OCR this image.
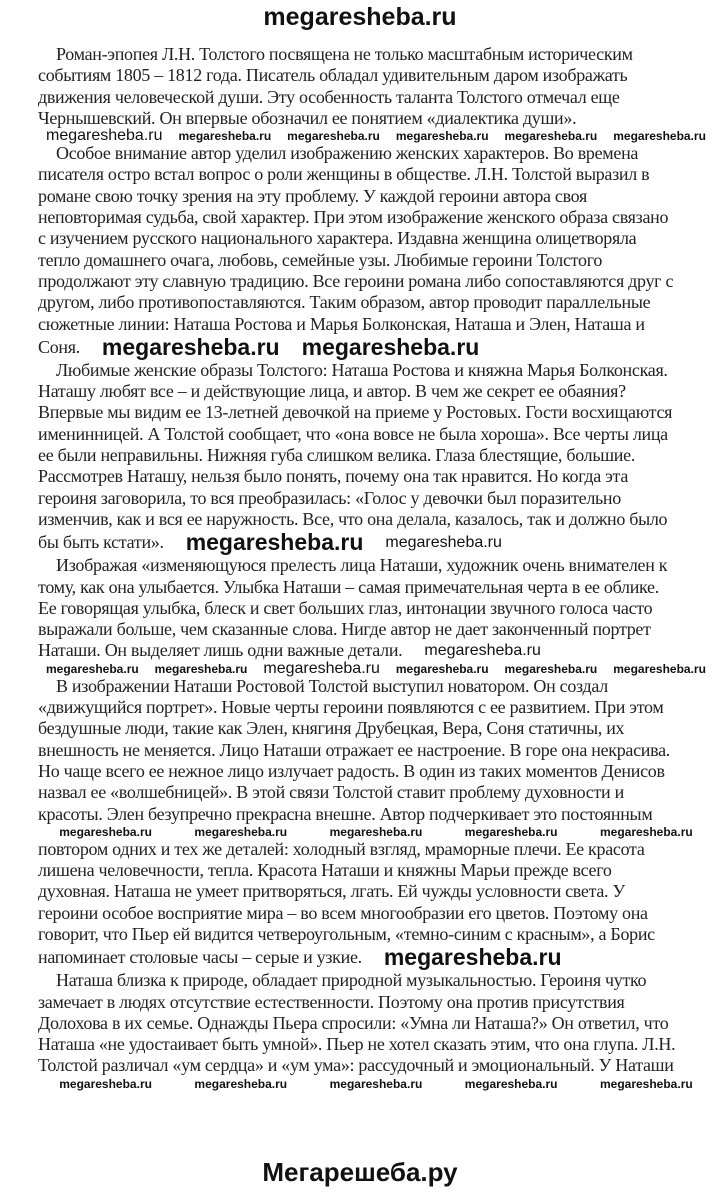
megaresheba.ru
Роман-эпопея Л.Н. Толстого посвящена не только масштабным историческим
событиям 1805 – 1812 года. Писатель обладал удивительным даром изображать
движения человеческой души. Эту особенность таланта Толстого отмечал еще
Чернышевский. Он впервые обозначил ее понятием «диалектика души».
megaresheba.ru megaresheba.ru megaresheba.ru megaresheba.ru megaresheba.ru megaresheba.ru
Особое внимание автор уделил изображению женских характеров. Во времена
писателя остро встал вопрос о роли женщины в обществе. Л.Н. Толстой выразил в
романе свою точку зрения на эту проблему. У каждой героини автора своя
неповторимая судьба, свой характер. При этом изображение женского образа связано
с изучением русского национального характера. Издавна женщина олицетворяла
тепло домашнего очага, любовь, семейные узы. Любимые героини Толстого
продолжают эту славную традицию. Все героини романа либо сопоставляются друг с
другом, либо противопоставляются. Таким образом, автор проводит параллельные
сюжетные линии: Наташа Ростова и Марья Болконская, Наташа и Элен, Наташа и
Соня. megaresheba.ru megaresheba.ru
Любимые женские образы Толстого: Наташа Ростова и княжна Марья Болконская.
Наташу любят все – и действующие лица, и автор. В чем же секрет ее обаяния?
Впервые мы видим ее 13-летней девочкой на приеме у Ростовых. Гости восхищаются
именинницей. А Толстой сообщает, что «она вовсе не была хороша». Все черты лица
ее были неправильны. Нижняя губа слишком велика. Глаза блестящие, большие.
Рассмотрев Наташу, нельзя было понять, почему она так нравится. Но когда эта
героиня заговорила, то вся преобразилась: «Голос у девочки был поразительно
изменчив, как и вся ее наружность. Все, что она делала, казалось, так и должно было
бы быть кстати». megaresheba.ru megaresheba.ru
Изображая «изменяющуюся прелесть лица Наташи, художник очень внимателен к
тому, как она улыбается. Улыбка Наташи – самая примечательная черта в ее облике.
Ее говорящая улыбка, блеск и свет больших глаз, интонации звучного голоса часто
выражали больше, чем сказанные слова. Нигде автор не дает законченный портрет
Наташи. Он выделяет лишь одни важные детали. megaresheba.ru
megaresheba.ru megaresheba.ru megaresheba.ru megaresheba.ru megaresheba.ru megaresheba.ru
В изображении Наташи Ростовой Толстой выступил новатором. Он создал
«движущийся портрет». Новые черты героини появляются с ее развитием. При этом
бездушные люди, такие как Элен, княгиня Друбецкая, Вера, Соня статичны, их
внешность не меняется. Лицо Наташи отражает ее настроение. В горе она некрасива.
Но чаще всего ее нежное лицо излучает радость. В один из таких моментов Денисов
назвал ее «волшебницей». В этой связи Толстой ставит проблему духовности и
красоты. Элен безупречно прекрасна внешне. Автор подчеркивает это постоянным
megaresheba.ru	megaresheba.ru	megaresheba.ru	megaresheba.ru	megaresheba.ru
повтором одних и тех же деталей: холодный взгляд, мраморные плечи. Ее красота
лишена человечности, тепла. Красота Наташи и княжны Марьи прежде всего
духовная. Наташа не умеет притворяться, лгать. Ей чужды условности света. У
героини особое восприятие мира – во всем многообразии его цветов. Поэтому она
говорит, что Пьер ей видится четвероугольным, «темно-синим с красным», а Борис
напоминает столовые часы – серые и узкие. megaresheba.ru
Наташа близка к природе, обладает природной музыкальностью. Героиня чутко
замечает в людях отсутствие естественности. Поэтому она против присутствия
Долохова в их семье. Однажды Пьера спросили: «Умна ли Наташа?» Он ответил, что
Наташа «не удостаивает быть умной». Пьер не хотел сказать этим, что она глупа. Л.Н.
Толстой различал «ум сердца» и «ум ума»: рассудочный и эмоциональный. У Наташи
megaresheba.ru	megaresheba.ru	megaresheba.ru	megaresheba.ru	megaresheba.ru
Мегарешеба.ру
